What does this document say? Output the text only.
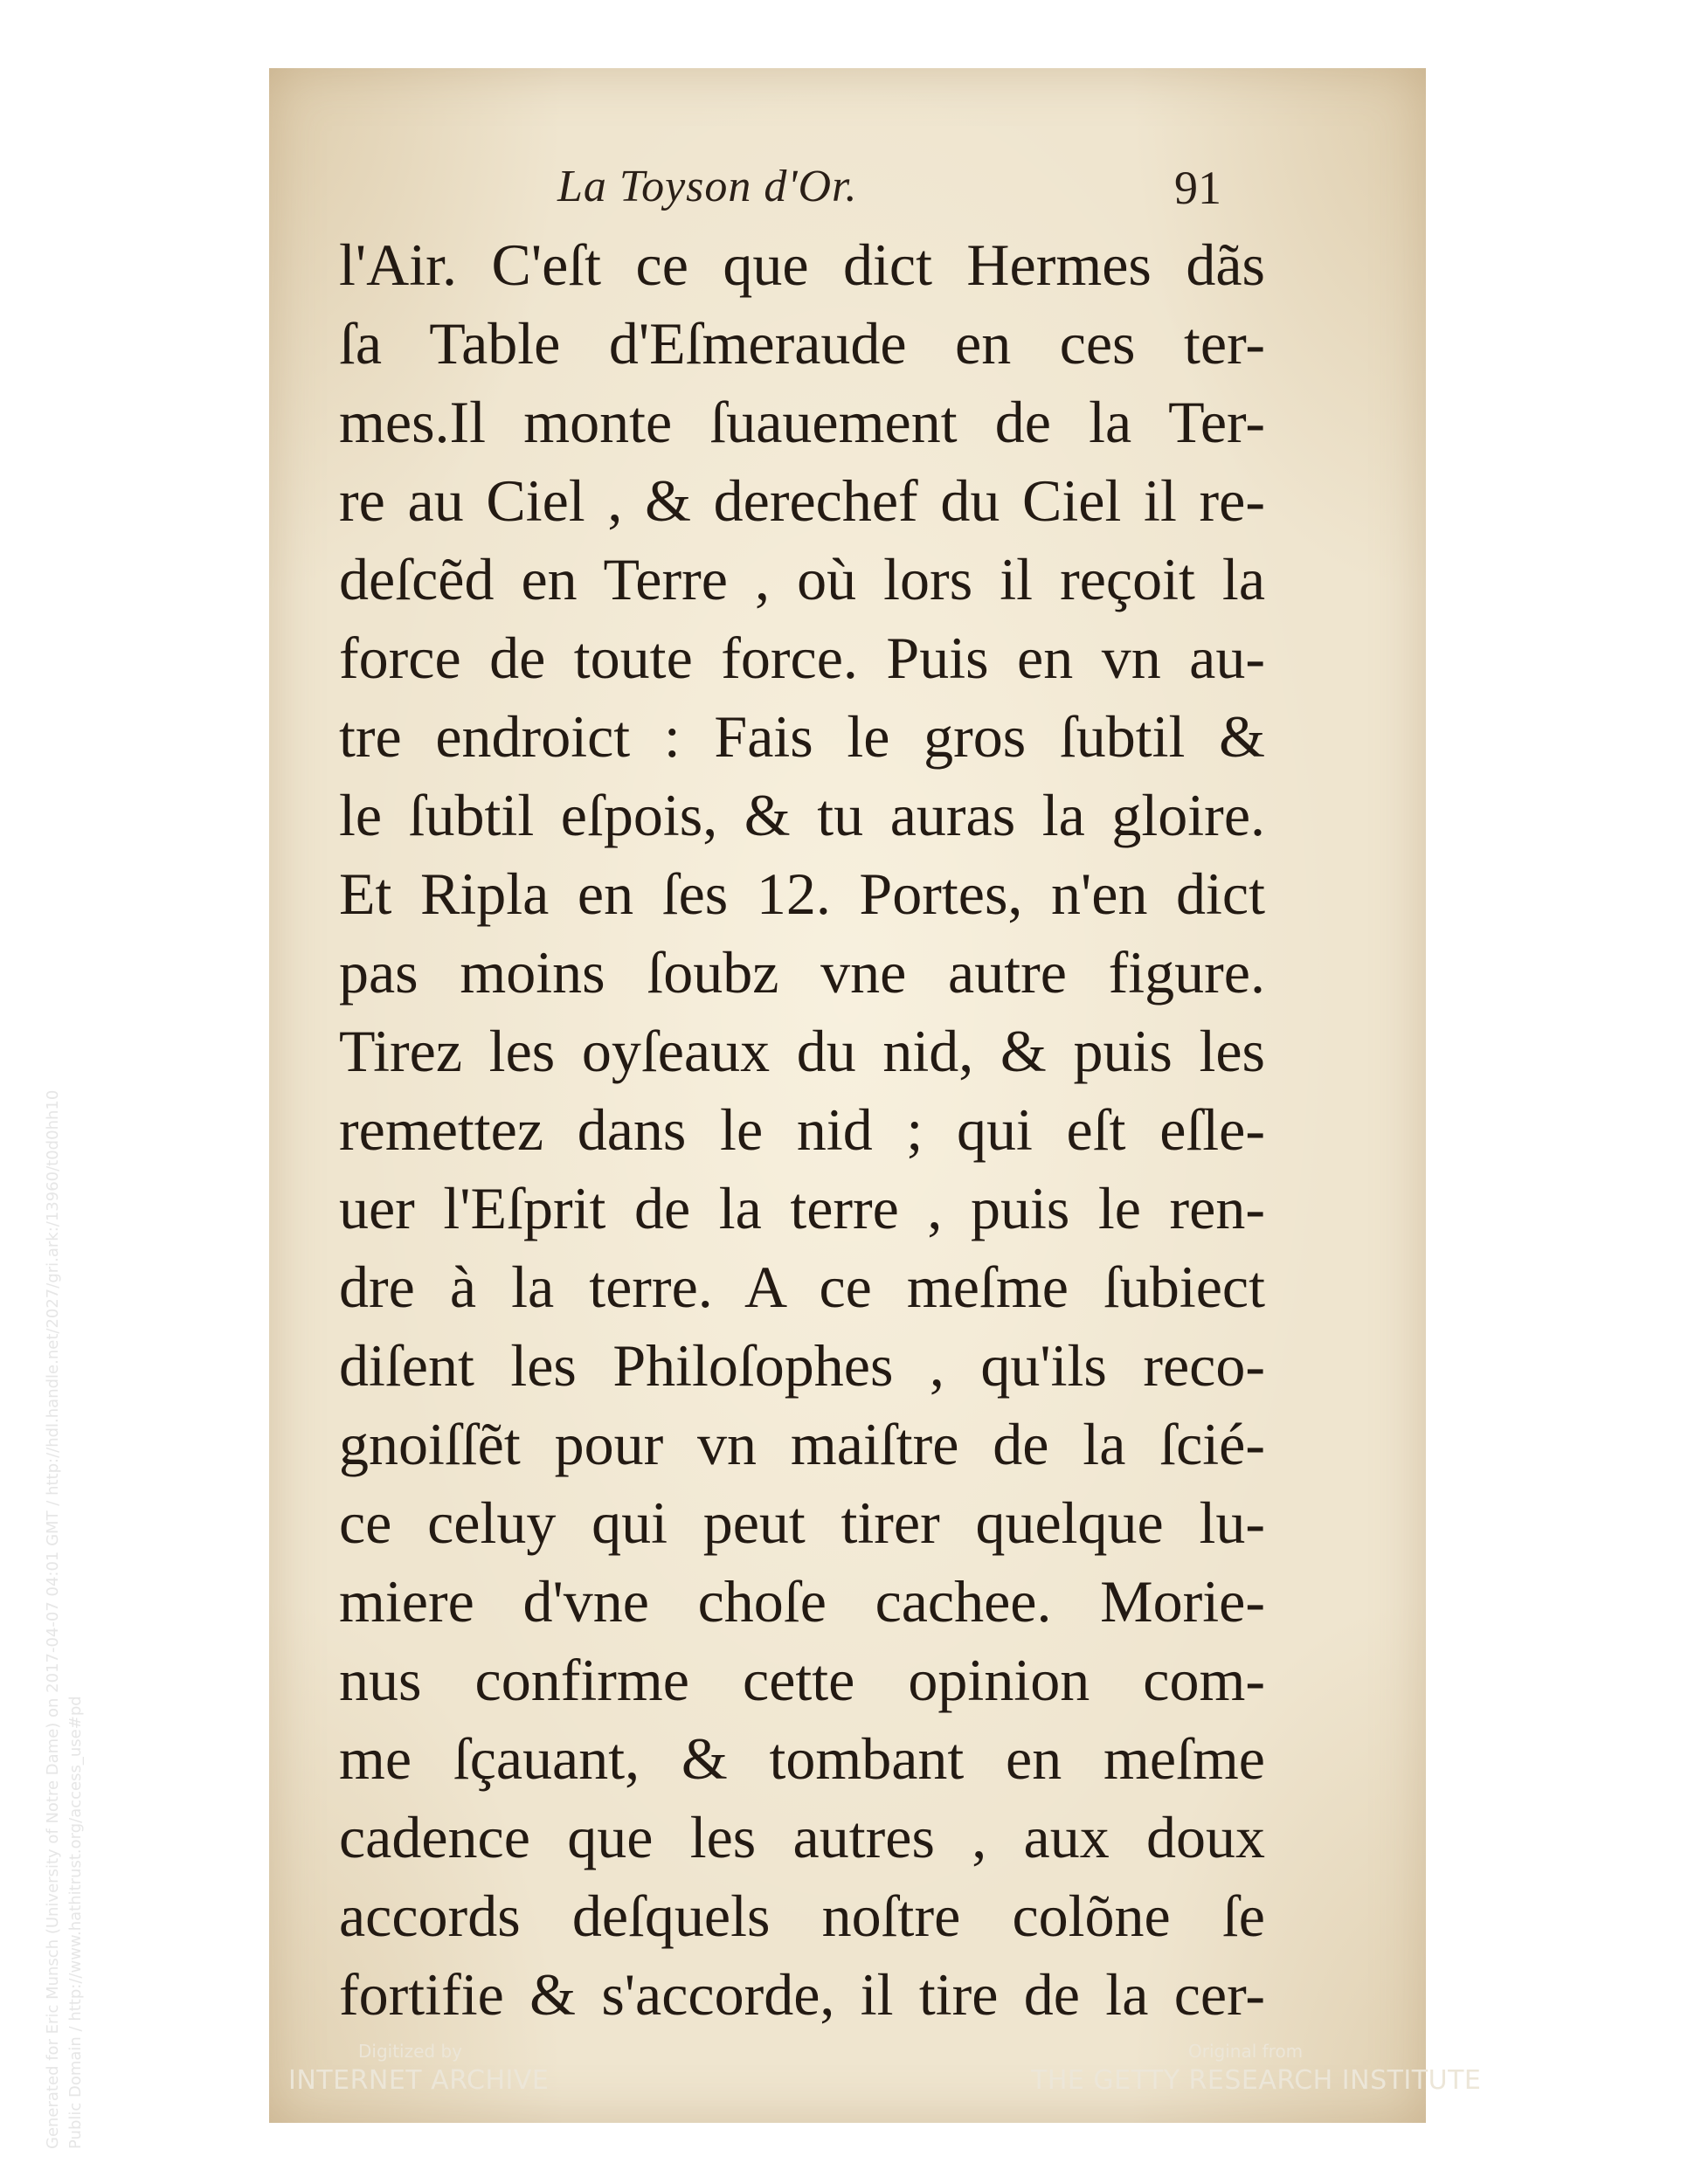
Generated for Eric Munsch (University of Notre Dame) on 2017-04-07 04:01 GMT / http://hdl.handle.net/2027/gri.ark:/13960/t0d0hh10 Public Domain / http://www.hathitrust.org/access_use#pd
La Toyson d'Or.	91
l'Air. C'eſt ce que dict Hermes dãs
ſa Table d'Eſmeraude en ces ter-
mes.Il monte ſuauement de la Ter-
re au Ciel , & derechef du Ciel il re-
deſcẽd en Terre , où lors il reçoit la
force de toute force. Puis en vn au-
tre endroict : Fais le gros ſubtil &
le ſubtil eſpois, & tu auras la gloire.
Et Ripla en ſes 12. Portes, n'en dict
pas moins ſoubz vne autre figure.
Tirez les oyſeaux du nid, & puis les
remettez dans le nid ; qui eſt eſle-
uer l'Eſprit de la terre , puis le ren-
dre à la terre. A ce meſme ſubiect
diſent les Philoſophes , qu'ils reco-
gnoiſſẽt pour vn maiſtre de la ſcié-
ce celuy qui peut tirer quelque lu-
miere d'vne choſe cachee. Morie-
nus confirme cette opinion com-
me ſçauant, & tombant en meſme
cadence que les autres , aux doux
accords deſquels noſtre colõne ſe
fortifie & s'accorde, il tire de la cer-
Digitized by
INTERNET ARCHIVE
Original from
THE GETTY RESEARCH INSTITUTE
